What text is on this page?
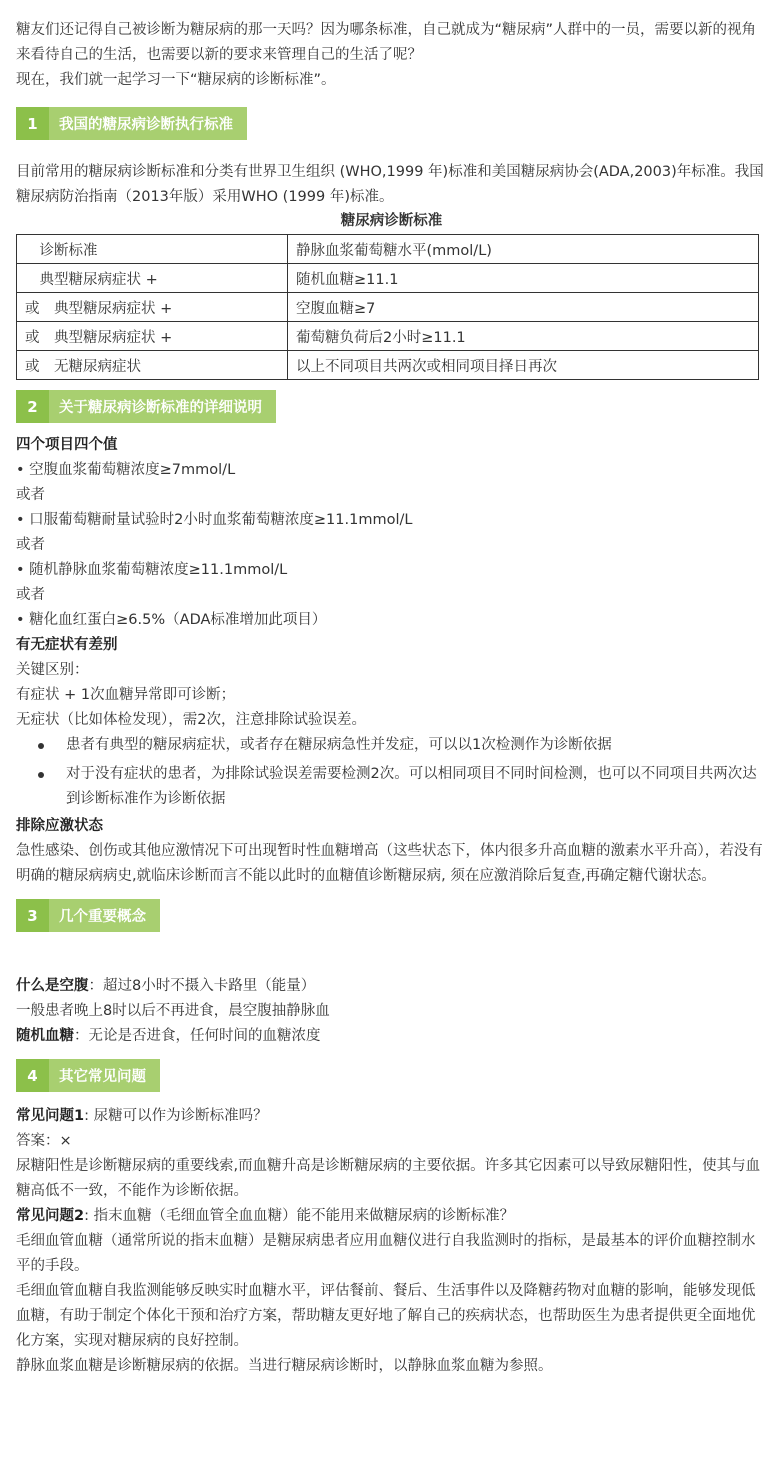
糖友们还记得自己被诊断为糖尿病的那一天吗？因为哪条标准，自己就成为“糖尿病”人群中的一员，需要以新的视角来看待自己的生活，也需要以新的要求来管理自己的生活了呢？

现在，我们就一起学习一下“糖尿病的诊断标准”。

1	我国的糖尿病诊断执行标准

目前常用的糖尿病诊断标准和分类有世界卫生组织 (WHO,1999 年)标准和美国糖尿病协会(ADA,2003)年标准。我国糖尿病防治指南（2013年版）采用WHO (1999 年)标准。

糖尿病诊断标准
　诊断标准	静脉血浆葡萄糖水平(mmol/L)
　典型糖尿病症状 +	随机血糖≥11.1
或　典型糖尿病症状 +	空腹血糖≥7
或　典型糖尿病症状 +	葡萄糖负荷后2小时≥11.1
或　无糖尿病症状	以上不同项目共两次或相同项目择日再次
2	关于糖尿病诊断标准的详细说明

四个项目四个值

• 空腹血浆葡萄糖浓度≥7mmol/L

或者

• 口服葡萄糖耐量试验时2小时血浆葡萄糖浓度≥11.1mmol/L

或者

• 随机静脉血浆葡萄糖浓度≥11.1mmol/L

或者

• 糖化血红蛋白≥6.5%（ADA标准增加此项目）

有无症状有差别

关键区别：

有症状 + 1次血糖异常即可诊断；

无症状（比如体检发现），需2次，注意排除试验误差。

患者有典型的糖尿病症状，或者存在糖尿病急性并发症，可以以1次检测作为诊断依据
对于没有症状的患者，为排除试验误差需要检测2次。可以相同项目不同时间检测，也可以不同项目共两次达到诊断标准作为诊断依据

排除应激状态

急性感染、创伤或其他应激情况下可出现暂时性血糖增高（这些状态下，体内很多升高血糖的激素水平升高），若没有明确的糖尿病病史,就临床诊断而言不能以此时的血糖值诊断糖尿病, 须在应激消除后复查,再确定糖代谢状态。

3	几个重要概念

什么是空腹：超过8小时不摄入卡路里（能量）

一般患者晚上8时以后不再进食，晨空腹抽静脉血

随机血糖：无论是否进食，任何时间的血糖浓度

4	其它常见问题

常见问题1: 尿糖可以作为诊断标准吗？

答案：×

尿糖阳性是诊断糖尿病的重要线索,而血糖升高是诊断糖尿病的主要依据。许多其它因素可以导致尿糖阳性，使其与血糖高低不一致，不能作为诊断依据。

常见问题2: 指末血糖（毛细血管全血血糖）能不能用来做糖尿病的诊断标准？

毛细血管血糖（通常所说的指末血糖）是糖尿病患者应用血糖仪进行自我监测时的指标，是最基本的评价血糖控制水平的手段。

毛细血管血糖自我监测能够反映实时血糖水平，评估餐前、餐后、生活事件以及降糖药物对血糖的影响，能够发现低血糖，有助于制定个体化干预和治疗方案，帮助糖友更好地了解自己的疾病状态，也帮助医生为患者提供更全面地优化方案，实现对糖尿病的良好控制。

静脉血浆血糖是诊断糖尿病的依据。当进行糖尿病诊断时，以静脉血浆血糖为参照。
